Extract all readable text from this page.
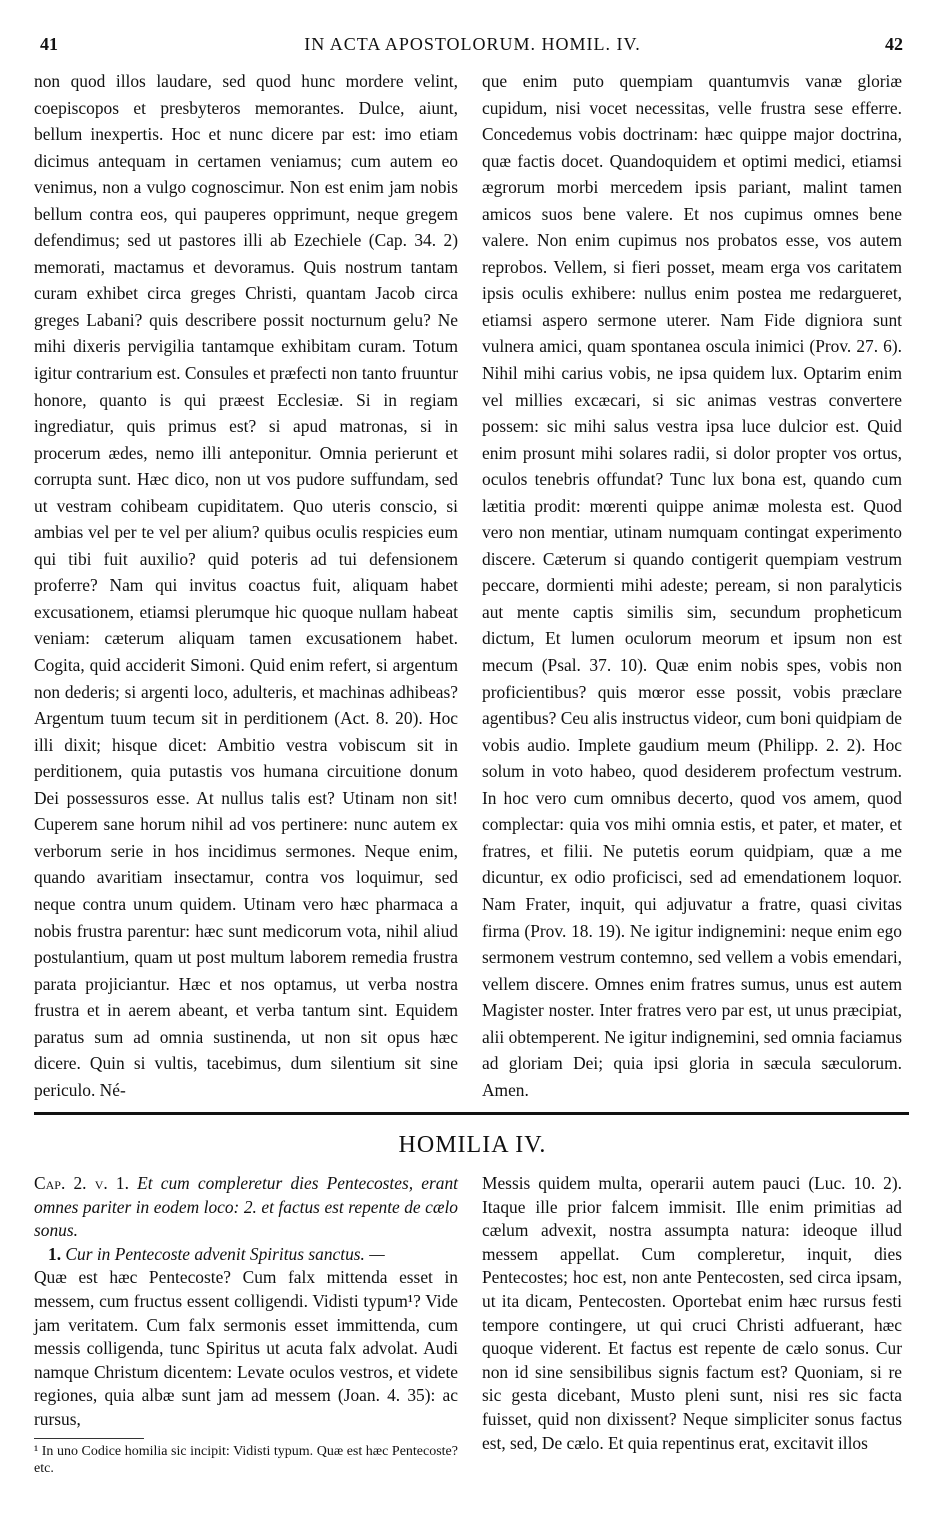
41	IN ACTA APOSTOLORUM. HOMIL. IV.	42

non quod illos laudare, sed quod hunc mordere velint, coepiscopos et presbyteros memorantes. Dulce, aiunt, bellum inexpertis. Hoc et nunc dicere par est: imo etiam dicimus antequam in certamen veniamus; cum autem eo venimus, non a vulgo cognoscimur. Non est enim jam nobis bellum contra eos, qui pauperes opprimunt, neque gregem defendimus; sed ut pastores illi ab Ezechiele (Cap. 34. 2) memorati, mactamus et devoramus. Quis nostrum tantam curam exhibet circa greges Christi, quantam Jacob circa greges Labani? quis describere possit nocturnum gelu? Ne mihi dixeris pervigilia tantamque exhibitam curam. Totum igitur contrarium est. Consules et præfecti non tanto fruuntur honore, quanto is qui præest Ecclesiæ. Si in regiam ingrediatur, quis primus est? si apud matronas, si in procerum ædes, nemo illi anteponitur. Omnia perierunt et corrupta sunt. Hæc dico, non ut vos pudore suffundam, sed ut vestram cohibeam cupiditatem. Quo uteris conscio, si ambias vel per te vel per alium? quibus oculis respicies eum qui tibi fuit auxilio? quid poteris ad tui defensionem proferre? Nam qui invitus coactus fuit, aliquam habet excusationem, etiamsi plerumque hic quoque nullam habeat veniam: cæterum aliquam tamen excusationem habet. Cogita, quid acciderit Simoni. Quid enim refert, si argentum non dederis; si argenti loco, adulteris, et machinas adhibeas? Argentum tuum tecum sit in perditionem (Act. 8. 20). Hoc illi dixit; hisque dicet: Ambitio vestra vobiscum sit in perditionem, quia putastis vos humana circuitione donum Dei possessuros esse. At nullus talis est? Utinam non sit! Cuperem sane horum nihil ad vos pertinere: nunc autem ex verborum serie in hos incidimus sermones. Neque enim, quando avaritiam insectamur, contra vos loquimur, sed neque contra unum quidem. Utinam vero hæc pharmaca a nobis frustra parentur: hæc sunt medicorum vota, nihil aliud postulantium, quam ut post multum laborem remedia frustra parata projiciantur. Hæc et nos optamus, ut verba nostra frustra et in aerem abeant, et verba tantum sint. Equidem paratus sum ad omnia sustinenda, ut non sit opus hæc dicere. Quin si vultis, tacebimus, dum silentium sit sine periculo. Né-

que enim puto quempiam quantumvis vanæ gloriæ cupidum, nisi vocet necessitas, velle frustra sese efferre. Concedemus vobis doctrinam: hæc quippe major doctrina, quæ factis docet. Quandoquidem et optimi medici, etiamsi ægrorum morbi mercedem ipsis pariant, malint tamen amicos suos bene valere. Et nos cupimus omnes bene valere. Non enim cupimus nos probatos esse, vos autem reprobos. Vellem, si fieri posset, meam erga vos caritatem ipsis oculis exhibere: nullus enim postea me redargueret, etiamsi aspero sermone uterer. Nam Fide digniora sunt vulnera amici, quam spontanea oscula inimici (Prov. 27. 6). Nihil mihi carius vobis, ne ipsa quidem lux. Optarim enim vel millies excæcari, si sic animas vestras convertere possem: sic mihi salus vestra ipsa luce dulcior est. Quid enim prosunt mihi solares radii, si dolor propter vos ortus, oculos tenebris offundat? Tunc lux bona est, quando cum lætitia prodit: mœrenti quippe animæ molesta est. Quod vero non mentiar, utinam numquam contingat experimento discere. Cæterum si quando contigerit quempiam vestrum peccare, dormienti mihi adeste; peream, si non paralyticis aut mente captis similis sim, secundum propheticum dictum, Et lumen oculorum meorum et ipsum non est mecum (Psal. 37. 10). Quæ enim nobis spes, vobis non proficientibus? quis mœror esse possit, vobis præclare agentibus? Ceu alis instructus videor, cum boni quidpiam de vobis audio. Implete gaudium meum (Philipp. 2. 2). Hoc solum in voto habeo, quod desiderem profectum vestrum. In hoc vero cum omnibus decerto, quod vos amem, quod complectar: quia vos mihi omnia estis, et pater, et mater, et fratres, et filii. Ne putetis eorum quidpiam, quæ a me dicuntur, ex odio proficisci, sed ad emendationem loquor. Nam Frater, inquit, qui adjuvatur a fratre, quasi civitas firma (Prov. 18. 19). Ne igitur indignemini: neque enim ego sermonem vestrum contemno, sed vellem a vobis emendari, vellem discere. Omnes enim fratres sumus, unus est autem Magister noster. Inter fratres vero par est, ut unus præcipiat, alii obtemperent. Ne igitur indignemini, sed omnia faciamus ad gloriam Dei; quia ipsi gloria in sæcula sæculorum. Amen.

HOMILIA IV.

Cap. 2. v. 1. Et cum compleretur dies Pentecostes, erant omnes pariter in eodem loco: 2. et factus est repente de cælo sonus.

1. Cur in Pentecoste advenit Spiritus sanctus. —

Quæ est hæc Pentecoste? Cum falx mittenda esset in messem, cum fructus essent colligendi. Vidisti typum¹? Vide jam veritatem. Cum falx sermonis esset immittenda, cum messis colligenda, tunc Spiritus ut acuta falx advolat. Audi namque Christum dicentem: Levate oculos vestros, et videte regiones, quia albæ sunt jam ad messem (Joan. 4. 35): ac rursus,

¹ In uno Codice homilia sic incipit: Vidisti typum. Quæ est hæc Pentecoste? etc.

Messis quidem multa, operarii autem pauci (Luc. 10. 2). Itaque ille prior falcem immisit. Ille enim primitias ad cælum advexit, nostra assumpta natura: ideoque illud messem appellat. Cum compleretur, inquit, dies Pentecostes; hoc est, non ante Pentecosten, sed circa ipsam, ut ita dicam, Pentecosten. Oportebat enim hæc rursus festi tempore contingere, ut qui cruci Christi adfuerant, hæc quoque viderent. Et factus est repente de cælo sonus. Cur non id sine sensibilibus signis factum est? Quoniam, si re sic gesta dicebant, Musto pleni sunt, nisi res sic facta fuisset, quid non dixissent? Neque simpliciter sonus factus est, sed, De cælo. Et quia repentinus erat, excitavit illos
